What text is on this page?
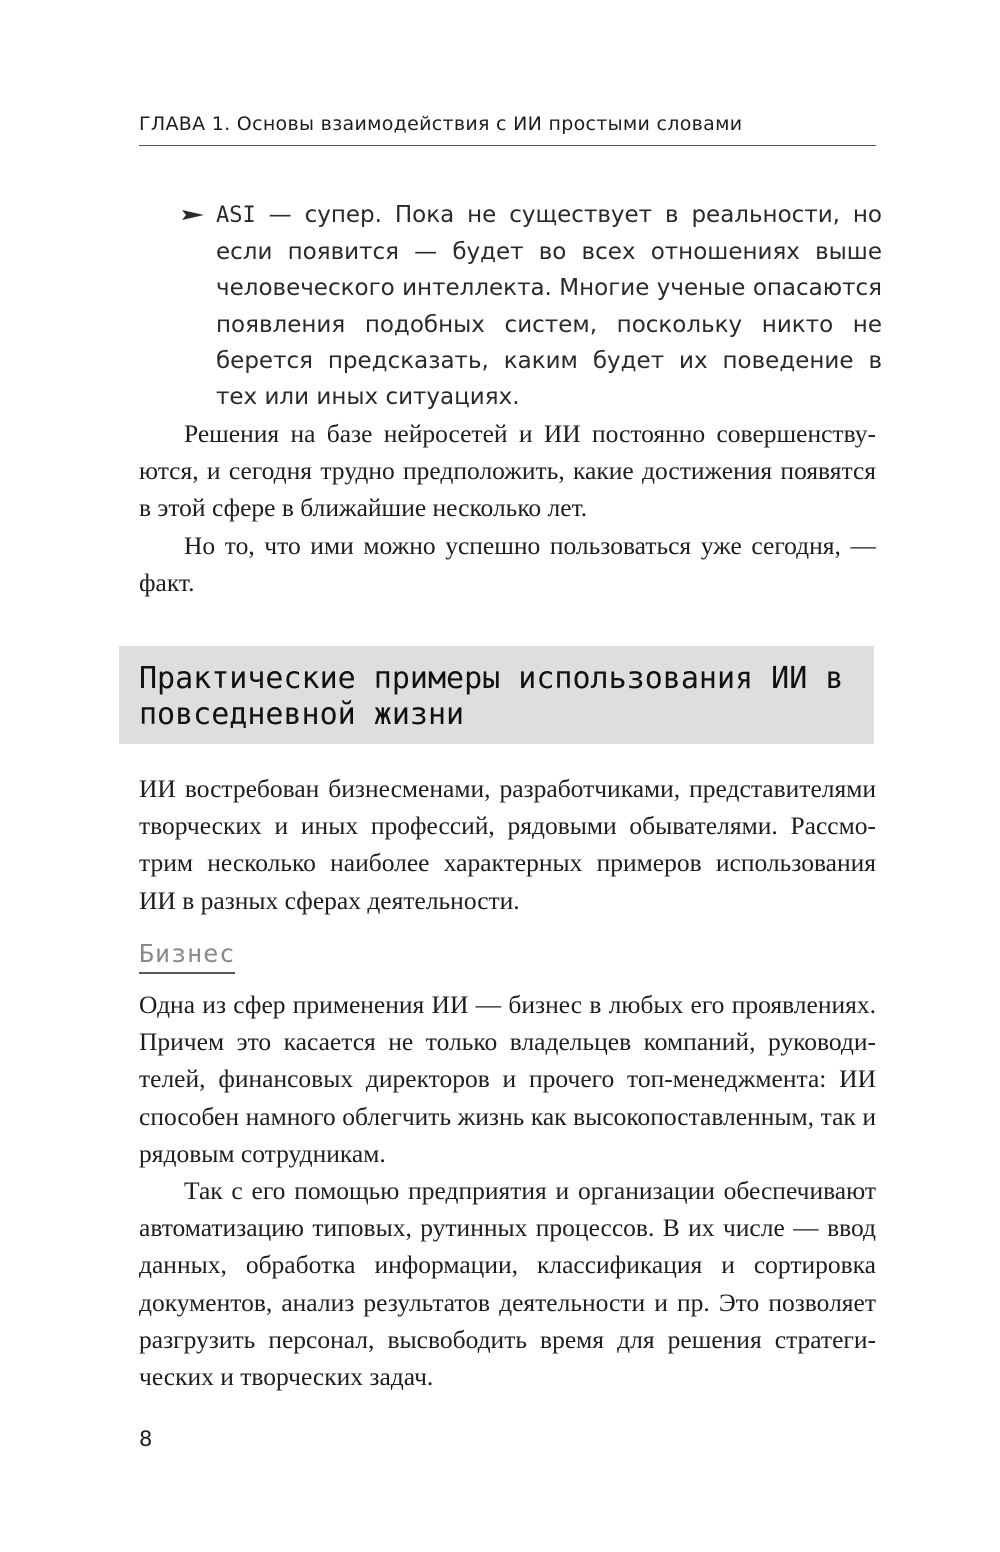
ГЛАВА 1. Основы взаимодействия с ИИ простыми словами
ASI — супер. Пока не существует в реальности, но если появится — будет во всех отношениях выше человеческого интеллекта. Многие ученые опасаются появления подобных систем, поскольку никто не берется предсказать, каким будет их поведение в тех или иных ситуациях.

Решения на базе нейросетей и ИИ постоянно совершенствуются, и сегодня трудно предположить, какие достижения появятся в этой сфере в ближайшие несколько лет.

Но то, что ими можно успешно пользоваться уже сегодня, — факт.

Практические примеры использования ИИ в повседневной жизни

ИИ востребован бизнесменами, разработчиками, представителями творческих и иных профессий, рядовыми обывателями. Рассмотрим несколько наиболее характерных примеров использования ИИ в разных сферах деятельности.

Бизнес

Одна из сфер применения ИИ — бизнес в любых его проявлениях. Причем это касается не только владельцев компаний, руководителей, финансовых директоров и прочего топ-менеджмента: ИИ способен намного облегчить жизнь как высокопоставленным, так и рядовым сотрудникам.

Так с его помощью предприятия и организации обеспечивают автоматизацию типовых, рутинных процессов. В их числе — ввод данных, обработка информации, классификация и сортировка документов, анализ результатов деятельности и пр. Это позволяет разгрузить персонал, высвободить время для решения стратегических и творческих задач.

8
